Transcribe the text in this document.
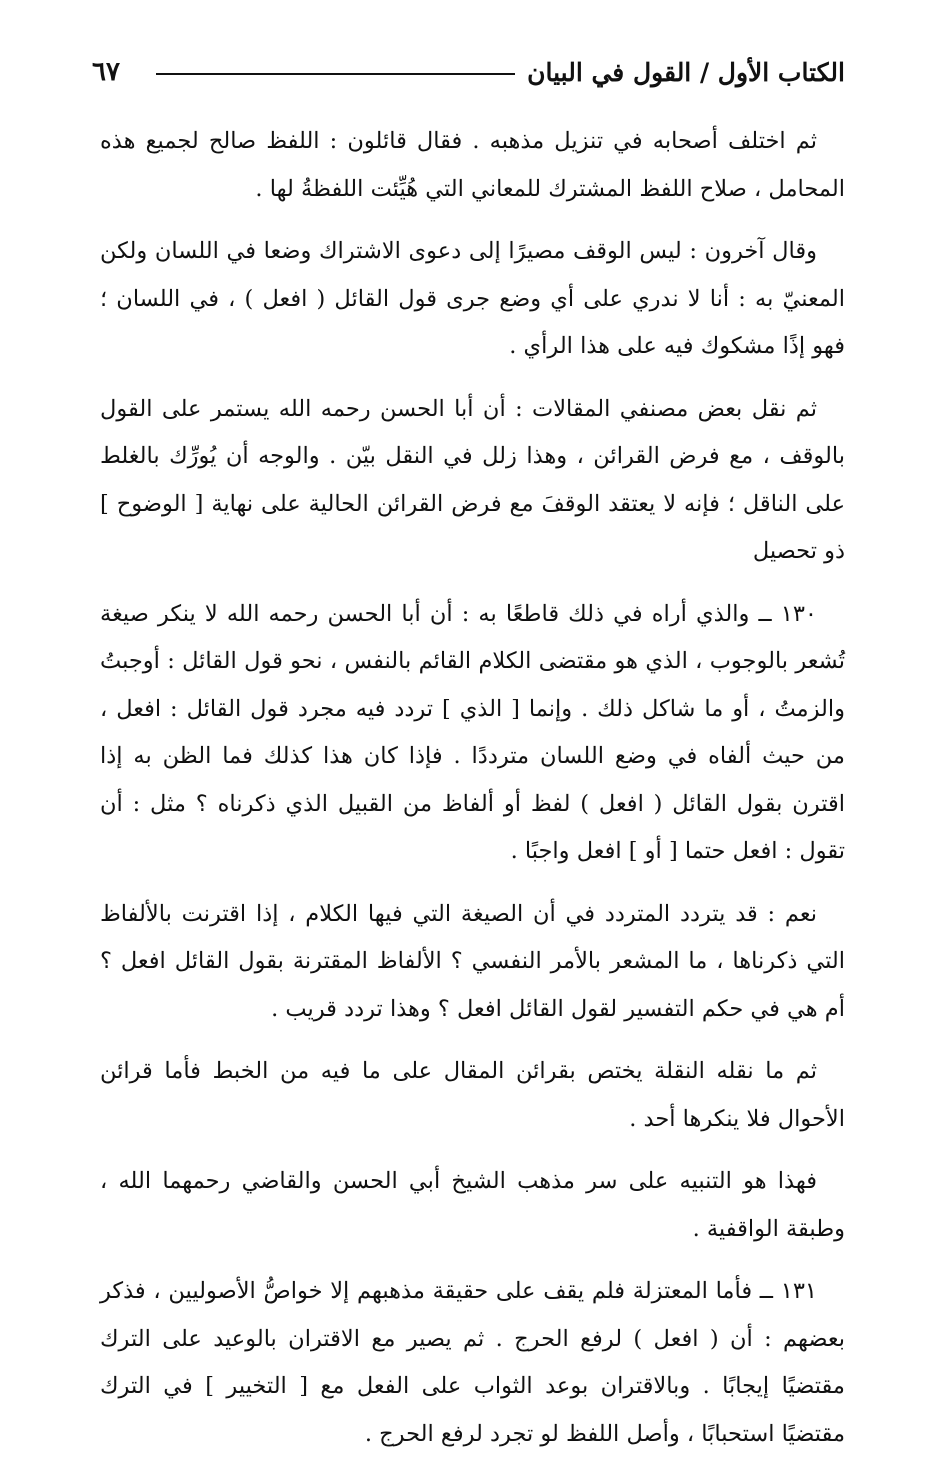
٦٧	الكتاب الأول / القول في البيان

ثم اختلف أصحابه في تنزيل مذهبه . فقال قائلون : اللفظ صالح لجميع هذه المحامل ، صلاح اللفظ المشترك للمعاني التي هُيِّئت اللفظةُ لها .

وقال آخرون : ليس الوقف مصيرًا إلى دعوى الاشتراك وضعا في اللسان ولكن المعنيّ به : أنا لا ندري على أي وضع جرى قول القائل ( افعل ) ، في اللسان ؛ فهو إذًا مشكوك فيه على هذا الرأي .

ثم نقل بعض مصنفي المقالات : أن أبا الحسن رحمه الله يستمر على القول بالوقف ، مع فرض القرائن ، وهذا زلل في النقل بيّن . والوجه أن يُورِّك بالغلط على الناقل ؛ فإنه لا يعتقد الوقفَ مع فرض القرائن الحالية على نهاية [ الوضوح ] ذو تحصيل

١٣٠ ــ والذي أراه في ذلك قاطعًا به : أن أبا الحسن رحمه الله لا ينكر صيغة تُشعر بالوجوب ، الذي هو مقتضى الكلام القائم بالنفس ، نحو قول القائل : أوجبتُ والزمتُ ، أو ما شاكل ذلك . وإنما [ الذي ] تردد فيه مجرد قول القائل : افعل ، من حيث ألفاه في وضع اللسان مترددًا . فإذا كان هذا كذلك فما الظن به إذا اقترن بقول القائل ( افعل ) لفظ أو ألفاظ من القبيل الذي ذكرناه ؟ مثل : أن تقول : افعل حتما [ أو ] افعل واجبًا .

نعم : قد يتردد المتردد في أن الصيغة التي فيها الكلام ، إذا اقترنت بالألفاظ التي ذكرناها ، ما المشعر بالأمر النفسي ؟ الألفاظ المقترنة بقول القائل افعل ؟ أم هي في حكم التفسير لقول القائل افعل ؟ وهذا تردد قريب .

ثم ما نقله النقلة يختص بقرائن المقال على ما فيه من الخبط فأما قرائن الأحوال فلا ينكرها أحد .

فهذا هو التنبيه على سر مذهب الشيخ أبي الحسن والقاضي رحمهما الله ، وطبقة الواقفية .

١٣١ ــ فأما المعتزلة فلم يقف على حقيقة مذهبهم إلا خواصُّ الأصوليين ، فذكر بعضهم : أن ( افعل ) لرفع الحرج . ثم يصير مع الاقتران بالوعيد على الترك مقتضيًا إيجابًا . وبالاقتران بوعد الثواب على الفعل مع [ التخيير ] في الترك مقتضيًا استحبابًا ، وأصل اللفظ لو تجرد لرفع الحرج .
